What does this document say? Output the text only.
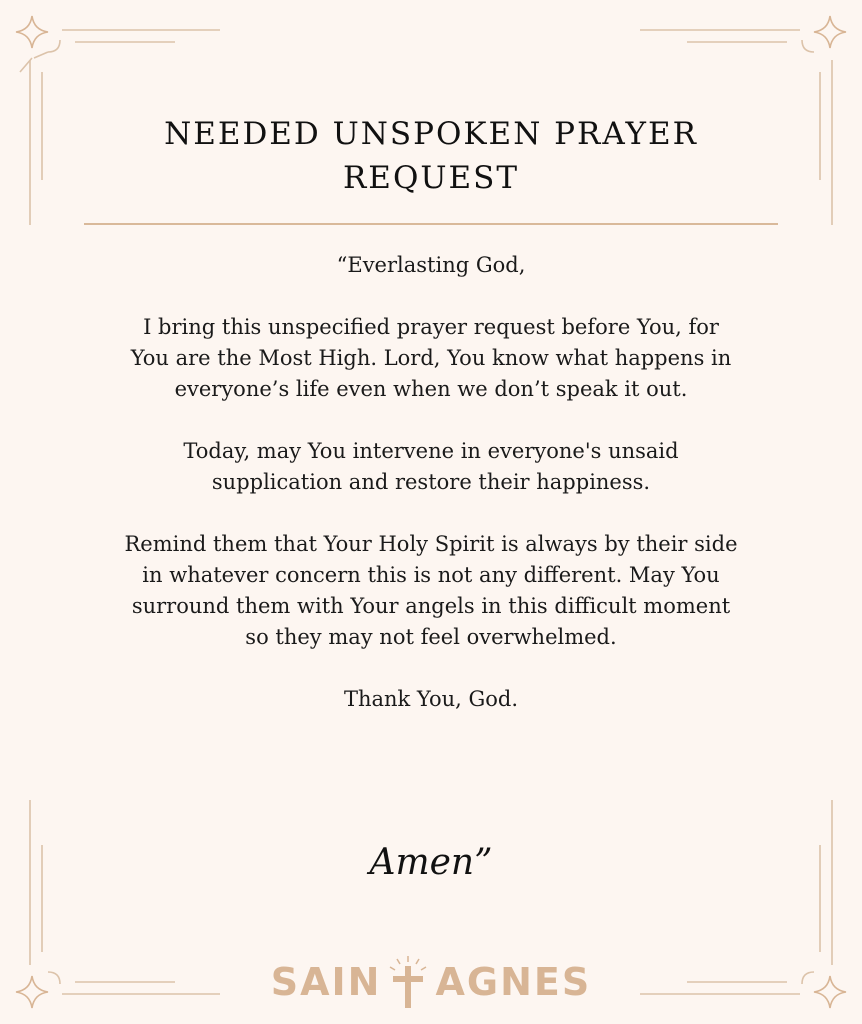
NEEDED UNSPOKEN PRAYER
REQUEST

“Everlasting God,

I bring this unspecified prayer request before You, for
You are the Most High. Lord, You know what happens in
everyone’s life even when we don’t speak it out.

Today, may You intervene in everyone's unsaid
supplication and restore their happiness.

Remind them that Your Holy Spirit is always by their side
in whatever concern this is not any different. May You
surround them with Your angels in this difficult moment
so they may not feel overwhelmed.

Thank You, God.

Amen”
SAIN AGNES
